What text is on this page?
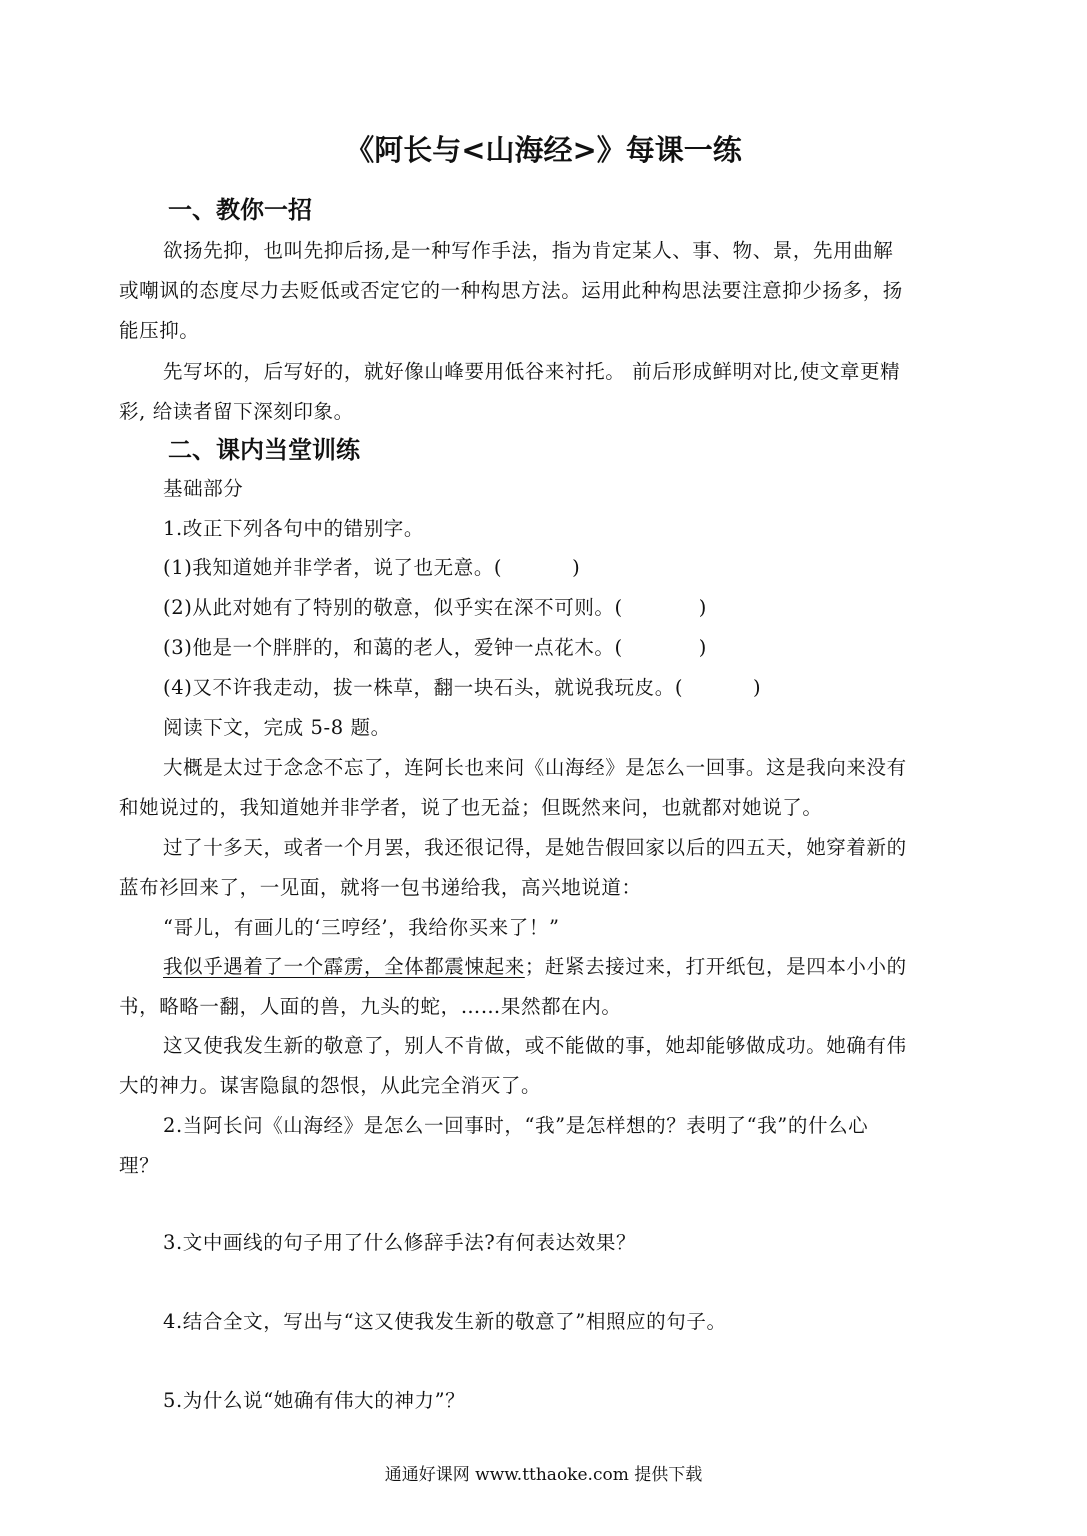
《阿长与<山海经>》每课一练
一、教你一招
欲扬先抑，也叫先抑后扬,是一种写作手法，指为肯定某人、事、物、景，先用曲解
或嘲讽的态度尽力去贬低或否定它的一种构思方法。运用此种构思法要注意抑少扬多，扬
能压抑。
先写坏的，后写好的，就好像山峰要用低谷来衬托。 前后形成鲜明对比,使文章更精
彩, 给读者留下深刻印象。
二、课内当堂训练
基础部分
1.改正下列各句中的错别字。
(1)我知道她并非学者，说了也无意。(	)
(2)从此对她有了特别的敬意，似乎实在深不可则。(	)
(3)他是一个胖胖的，和蔼的老人，爱钟一点花木。(	)
(4)又不许我走动，拔一株草，翻一块石头，就说我玩皮。(	)
阅读下文，完成 5-8 题。
大概是太过于念念不忘了，连阿长也来问《山海经》是怎么一回事。这是我向来没有
和她说过的，我知道她并非学者，说了也无益；但既然来问，也就都对她说了。
过了十多天，或者一个月罢，我还很记得，是她告假回家以后的四五天，她穿着新的
蓝布衫回来了，一见面，就将一包书递给我，高兴地说道：
“哥儿，有画儿的‘三哼经’，我给你买来了！”
我似乎遇着了一个霹雳，全体都震悚起来；赶紧去接过来，打开纸包，是四本小小的
书，略略一翻，人面的兽，九头的蛇，……果然都在内。
这又使我发生新的敬意了，别人不肯做，或不能做的事，她却能够做成功。她确有伟
大的神力。谋害隐鼠的怨恨，从此完全消灭了。
2.当阿长问《山海经》是怎么一回事时，“我”是怎样想的？表明了“我”的什么心
理？
3.文中画线的句子用了什么修辞手法?有何表达效果？
4.结合全文，写出与“这又使我发生新的敬意了”相照应的句子。
5.为什么说“她确有伟大的神力”？
通通好课网 www.tthaoke.com 提供下载
